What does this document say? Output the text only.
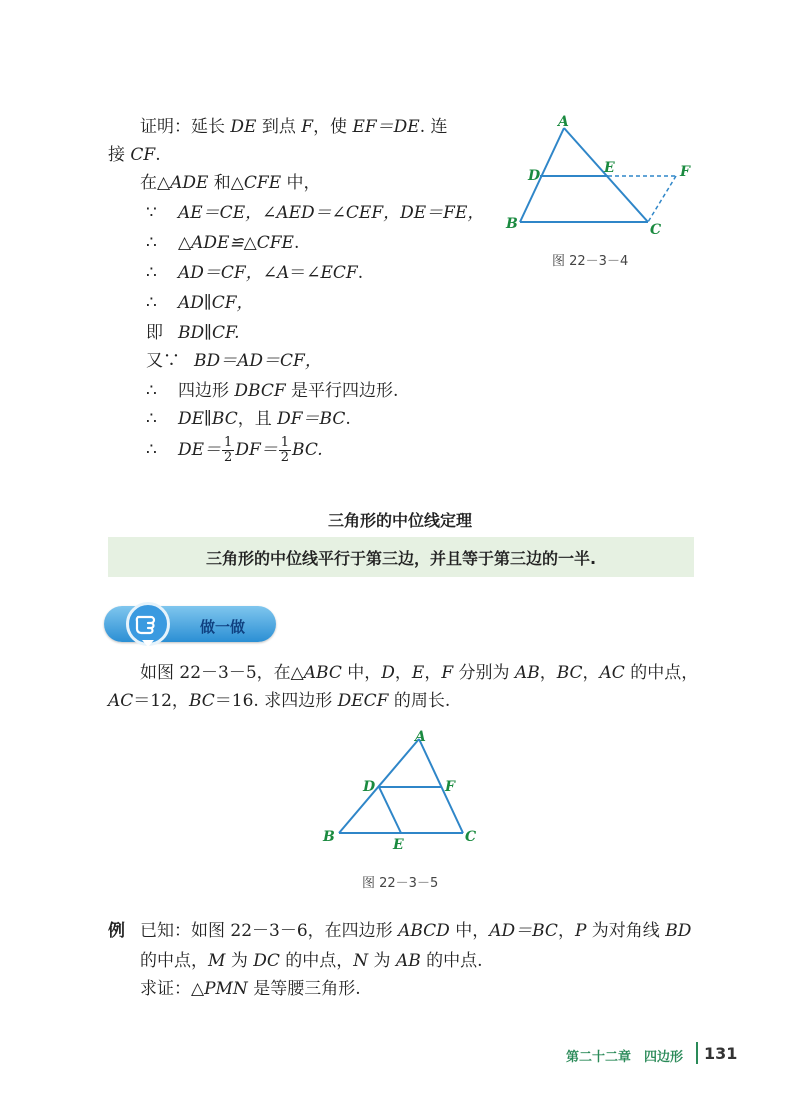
证明：延长 DE 到点 F，使 EF＝DE. 连
接 CF.
在△ADE 和△CFE 中，
∵ AE＝CE，∠AED＝∠CEF，DE＝FE，
∴ △ADE≌△CFE.
∴ AD＝CF，∠A＝∠ECF.
∴ AD∥CF，
即 BD∥CF.
又∵ BD＝AD＝CF，
∴ 四边形 DBCF 是平行四边形.
∴ DE∥BC，且 DF＝BC.
∴ $DE= \frac{1}{2} DF= \frac{1}{2}$ BC.
A
B	C
D	E	F
图 22－3－4
三角形的中位线定理
三角形的中位线平行于第三边，并且等于第三边的一半.
做一做
如图 22－3－5，在△ABC 中，D，E，F 分别为 AB，BC，AC 的中点，
AC＝12，BC＝16. 求四边形 DECF 的周长.
A
B	C
D
E
F
图 22－3－5
例 已知：如图 22－3－6，在四边形 ABCD 中，AD＝BC，P 为对角线 BD
的中点，M 为 DC 的中点，N 为 AB 的中点.
求证：△PMN 是等腰三角形.
第二十二章　四边形 131
